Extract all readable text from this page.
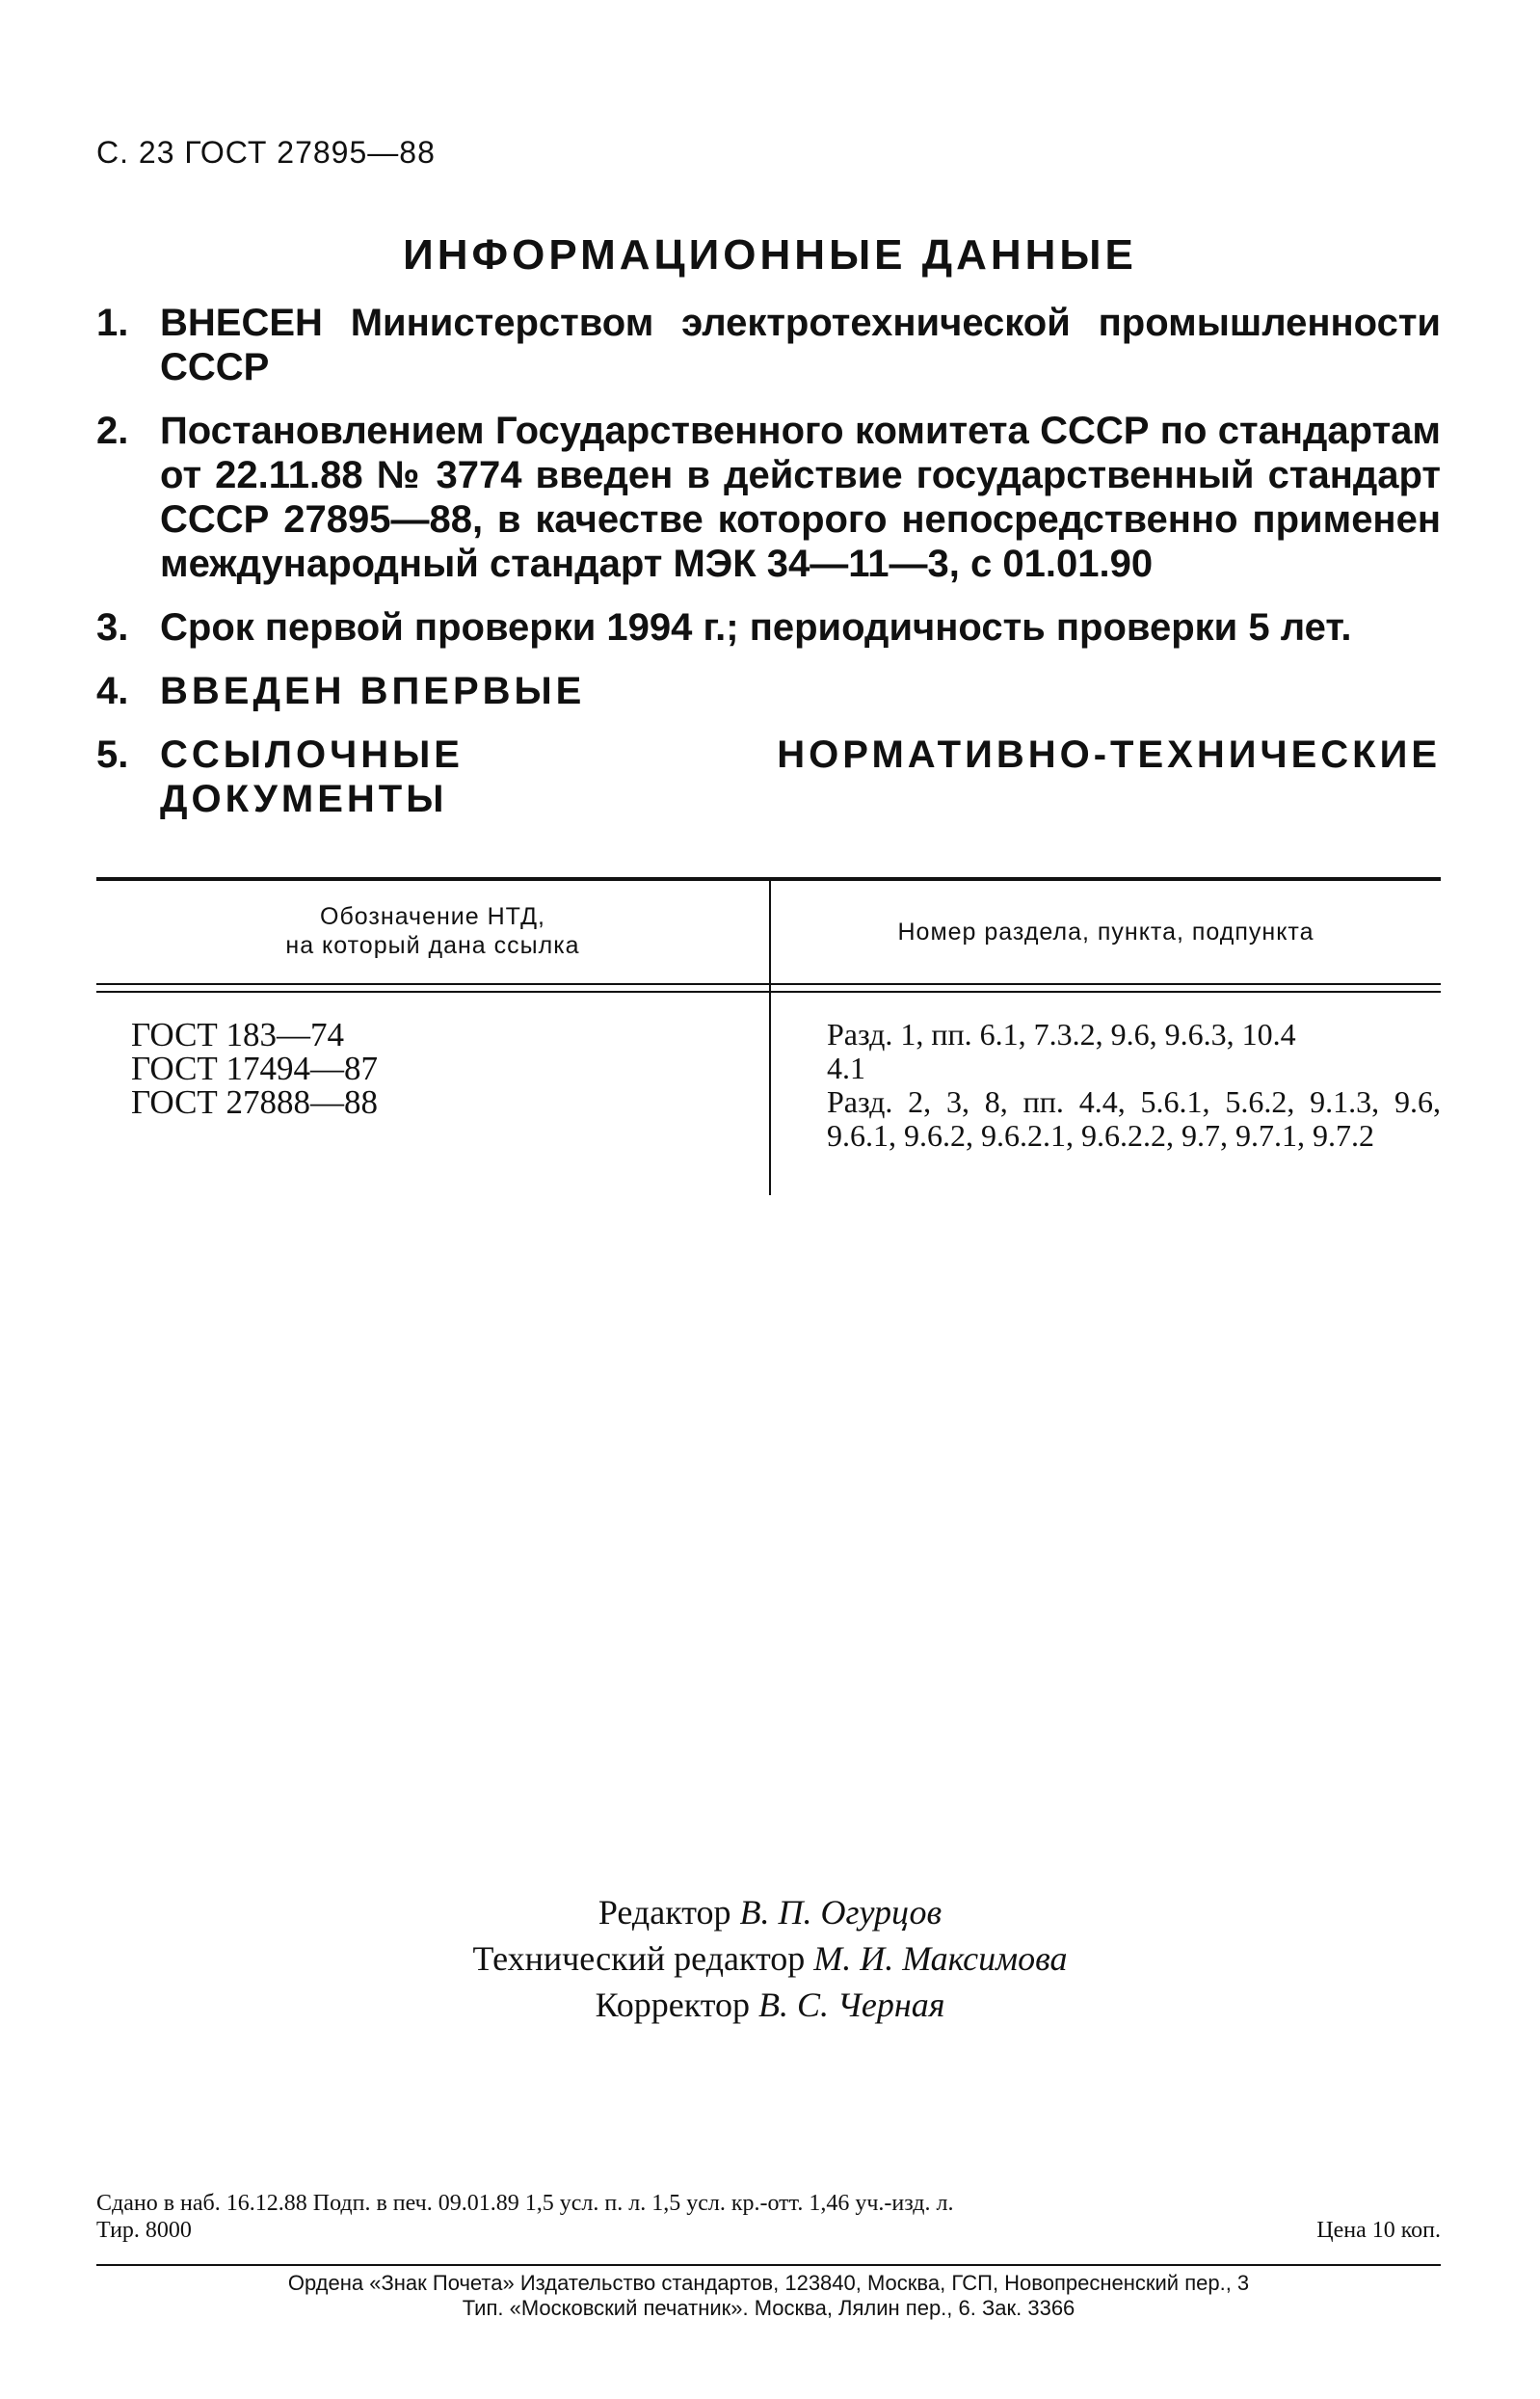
С. 23 ГОСТ 27895—88
ИНФОРМАЦИОННЫЕ ДАННЫЕ
1. ВНЕСЕН Министерством электротехнической промышленности СССР
2. Постановлением Государственного комитета СССР по стандартам от 22.11.88 № 3774 введен в действие государственный стандарт СССР 27895—88, в качестве которого непосредственно применен международный стандарт МЭК 34—11—3, с 01.01.90
3. Срок первой проверки 1994 г.; периодичность проверки 5 лет.
4. ВВЕДЕН ВПЕРВЫЕ
5. ССЫЛОЧНЫЕ НОРМАТИВНО-ТЕХНИЧЕСКИЕ ДОКУМЕНТЫ
Обозначение НТД,
на который дана ссылка	Номер раздела, пункта, подпункта
ГОСТ 183—74
ГОСТ 17494—87
ГОСТ 27888—88
Разд. 1, пп. 6.1, 7.3.2, 9.6, 9.6.3, 10.4
4.1
Разд. 2, 3, 8, пп. 4.4, 5.6.1, 5.6.2, 9.1.3, 9.6, 9.6.1, 9.6.2, 9.6.2.1, 9.6.2.2, 9.7, 9.7.1, 9.7.2
Редактор В. П. Огурцов
Технический редактор М. И. Максимова
Корректор В. С. Черная
Сдано в наб. 16.12.88 Подп. в печ. 09.01.89 1,5 усл. п. л. 1,5 усл. кр.-отт. 1,46 уч.-изд. л.
Тир. 8000	Цена 10 коп.
Ордена «Знак Почета» Издательство стандартов, 123840, Москва, ГСП, Новопресненский пер., 3
Тип. «Московский печатник». Москва, Лялин пер., 6. Зак. 3366
